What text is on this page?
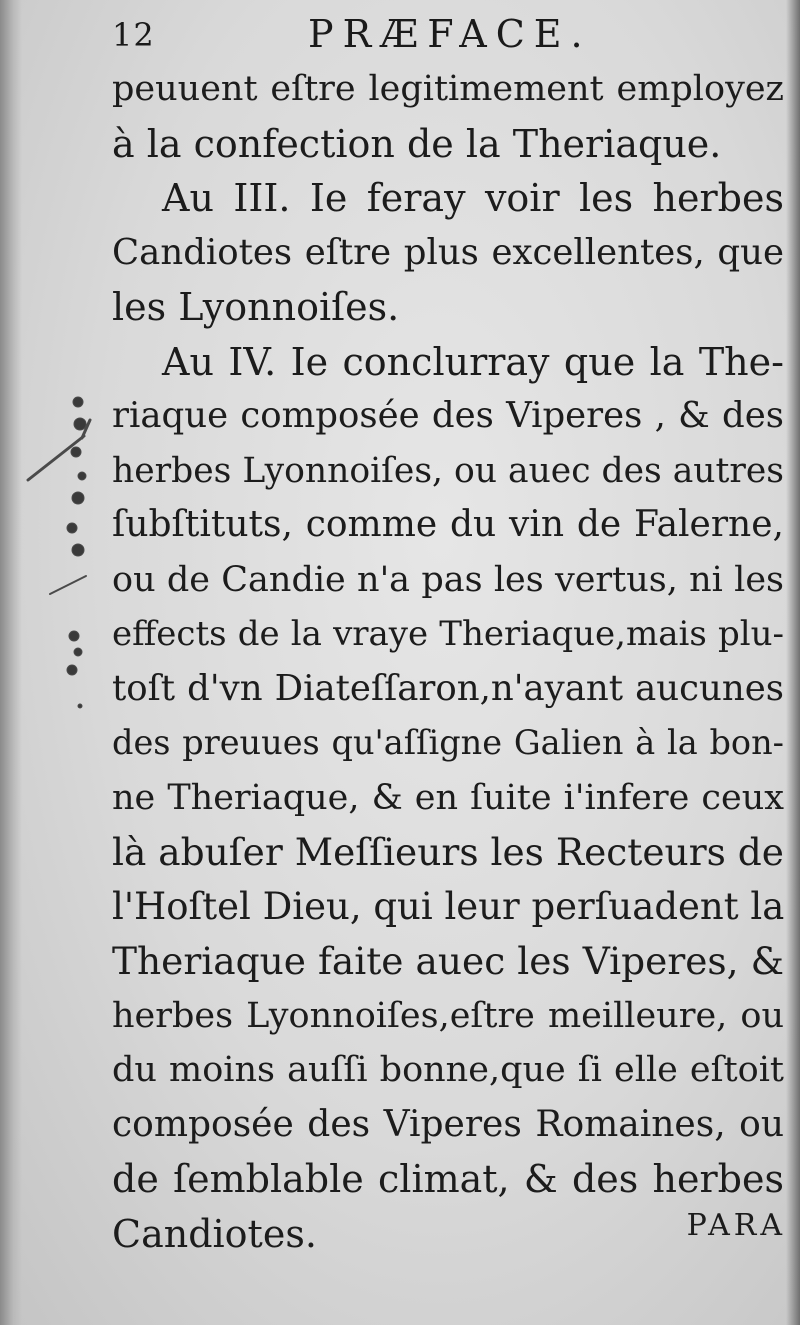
12	PRÆFACE.
peuuent eſtre legitimement employez
à la confection de la Theriaque.
Au III. Ie feray voir les herbes
Candiotes eſtre plus excellentes, que
les Lyonnoiſes.
Au IV. Ie conclurray que la The-
riaque composée des Viperes , & des
herbes Lyonnoiſes, ou auec des autres
ſubſtituts, comme du vin de Falerne,
ou de Candie n'a pas les vertus, ni les
effects de la vraye Theriaque,mais plu-
toſt d'vn Diateſſaron,n'ayant aucunes
des preuues qu'aſſigne Galien à la bon-
ne Theriaque, & en ſuite i'infere ceux
là abuſer Meſſieurs les Recteurs de
l'Hoſtel Dieu, qui leur perſuadent la
Theriaque faite auec les Viperes, &
herbes Lyonnoiſes,eſtre meilleure, ou
du moins auſſi bonne,que ſi elle eſtoit
composée des Viperes Romaines, ou
de ſemblable climat, & des herbes
Candiotes.	PARA
